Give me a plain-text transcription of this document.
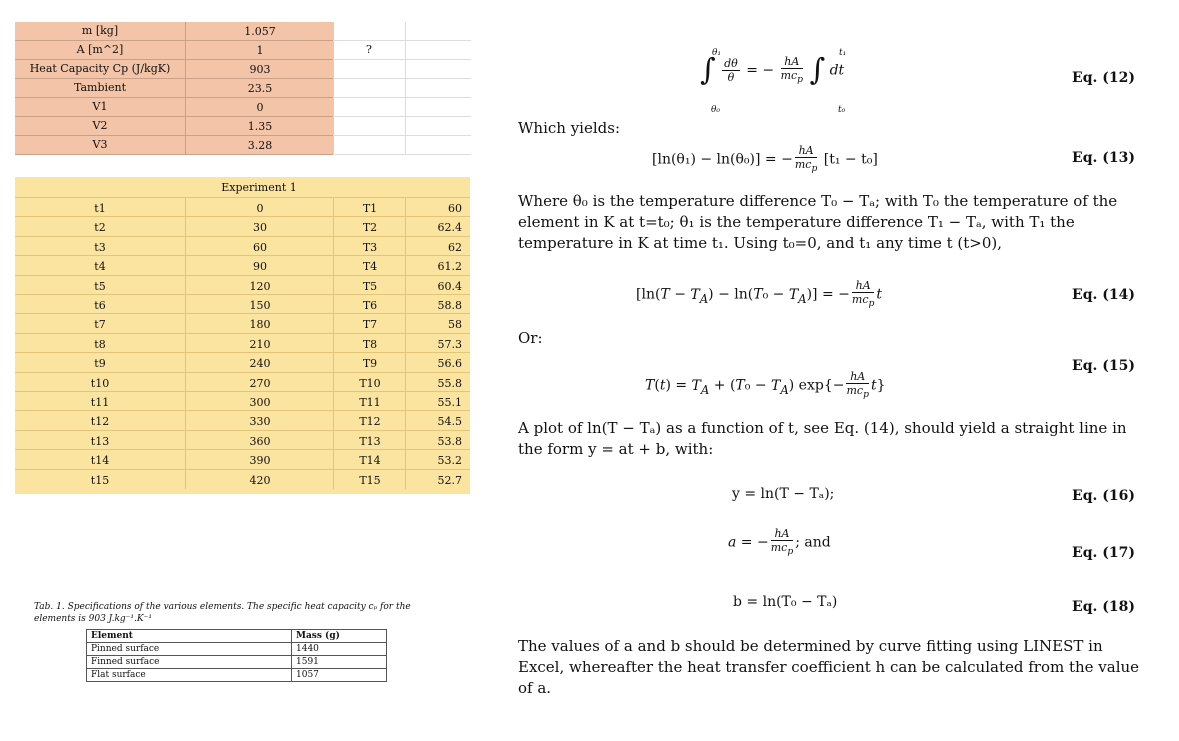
m [kg]	1.057
A [m^2]	1	?
Heat Capacity Cp (J/kgK)	903
Tambient	23.5
V1	0
V2	1.35
V3	3.28
Experiment 1
t1	0	T1	60
t2	30	T2	62.4
t3	60	T3	62
t4	90	T4	61.2
t5	120	T5	60.4
t6	150	T6	58.8
t7	180	T7	58
t8	210	T8	57.3
t9	240	T9	56.6
t10	270	T10	55.8
t11	300	T11	55.1
t12	330	T12	54.5
t13	360	T13	53.8
t14	390	T14	53.2
t15	420	T15	52.7
Tab. 1. Specifications of the various elements. The specific heat capacity cₚ for the elements is 903 J.kg⁻¹.K⁻¹
Element	Mass (g)
Pinned surface	1440
Finned surface	1591
Flat surface	1057
∫ $\frac{d\theta}{\theta}$ = − $\frac{hA}{mc_p}$ ∫ dt
θ₁
θ₀
t₁
t₀
Eq. (12)
Which yields:
[ln(θ₁) − ln(θ₀)] = − $\frac{hA}{mc_p} [t_1 - t_0]$	Eq. (13)
Where θ₀ is the temperature difference T₀ − Tₐ; with T₀ the temperature of the element in K at t=t₀; θ₁ is the temperature difference T₁ − Tₐ, with T₁ the temperature in K at time t₁. Using t₀=0, and t₁ any time t (t>0),
$[\ln(T - T_A) - \ln(T_0 - T_A)]$ = − $\frac{hA}{mc_p}$ t	Eq. (14)
Or:
Eq. (15)
$T(t) = T_A + (T_0 - T_A)$ $\exp\{- \frac{hA}{mc_p} t\}$
A plot of ln(T − Tₐ) as a function of t, see Eq. (14), should yield a straight line in the form y = at + b, with:
y = ln(T − Tₐ);	Eq. (16)
a = − $\frac{hA}{mc_p}$ ; and
Eq. (17)
b = ln(T₀ − Tₐ)	Eq. (18)
The values of a and b should be determined by curve fitting using LINEST in Excel, whereafter the heat transfer coefficient h can be calculated from the value of a.
